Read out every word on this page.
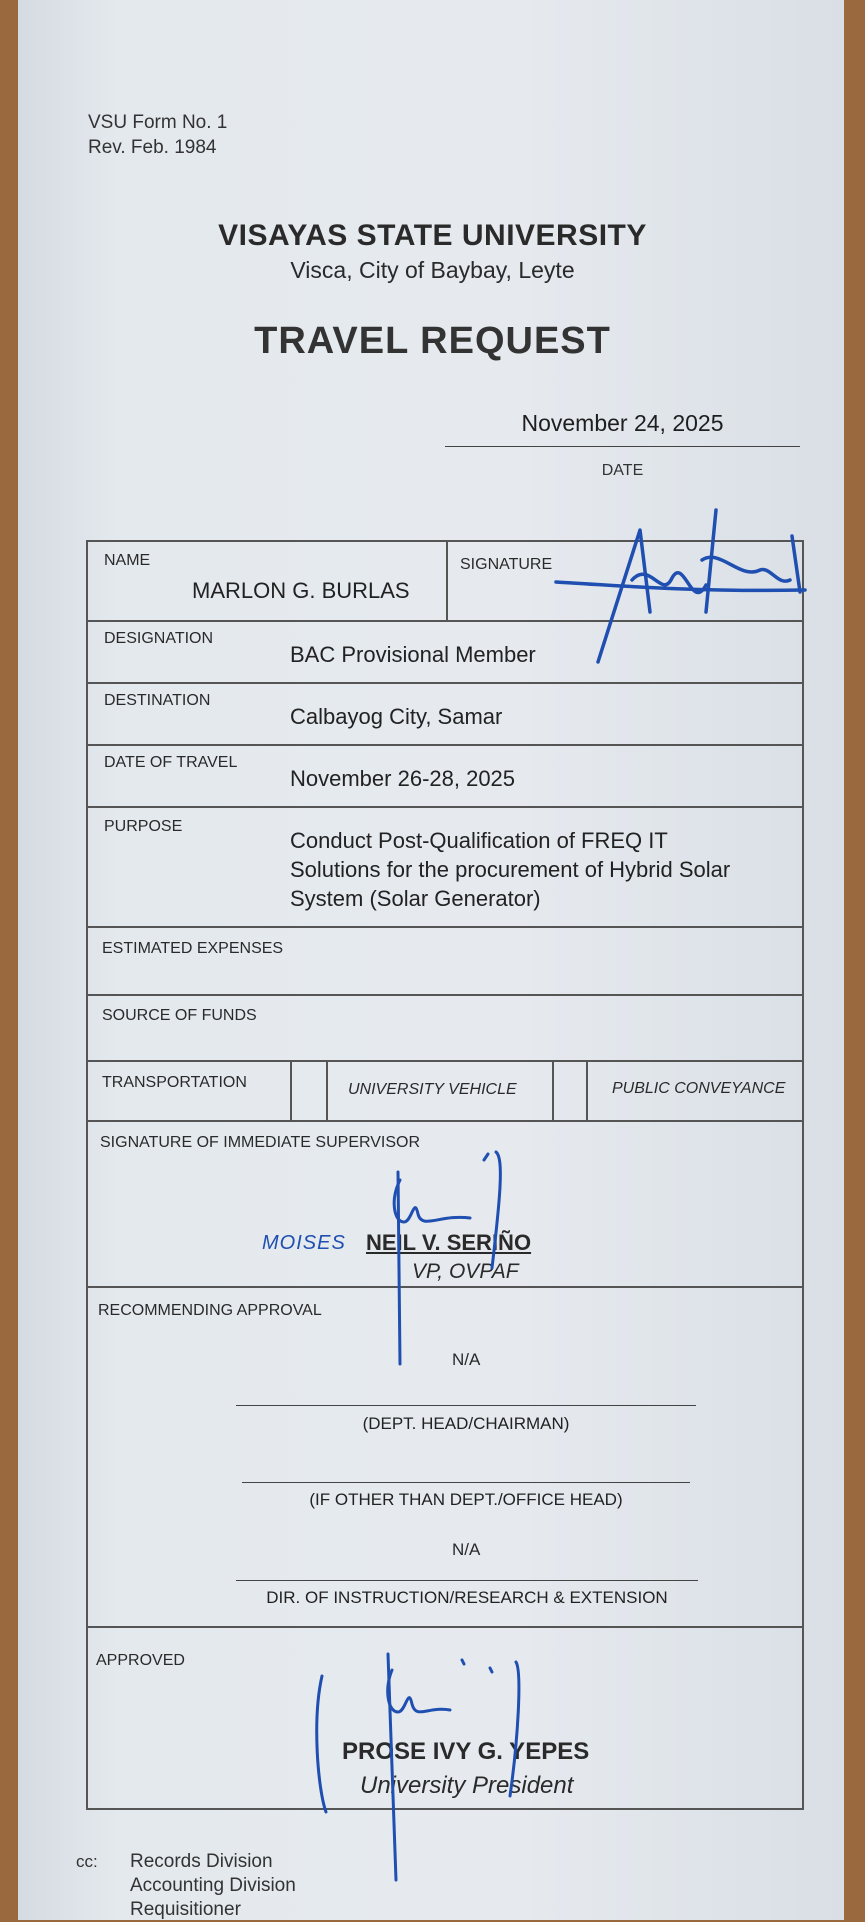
VSU Form No. 1
Rev. Feb. 1984
VISAYAS STATE UNIVERSITY
Visca, City of Baybay, Leyte
TRAVEL REQUEST
November 24, 2025
DATE
NAME
MARLON G. BURLAS
SIGNATURE
DESIGNATION
BAC Provisional Member
DESTINATION
Calbayog City, Samar
DATE OF TRAVEL
November 26-28, 2025
PURPOSE
Conduct Post-Qualification of FREQ IT
Solutions for the procurement of Hybrid Solar
System (Solar Generator)
ESTIMATED EXPENSES
SOURCE OF FUNDS
TRANSPORTATION	UNIVERSITY VEHICLE	PUBLIC CONVEYANCE
SIGNATURE OF IMMEDIATE SUPERVISOR
MOISES NEIL V. SERIÑO
VP, OVPAF
RECOMMENDING APPROVAL
N/A
(DEPT. HEAD/CHAIRMAN)
(IF OTHER THAN DEPT./OFFICE HEAD)
N/A
DIR. OF INSTRUCTION/RESEARCH & EXTENSION
APPROVED
PROSE IVY G. YEPES
University President
cc: Records Division
Accounting Division
Requisitioner
